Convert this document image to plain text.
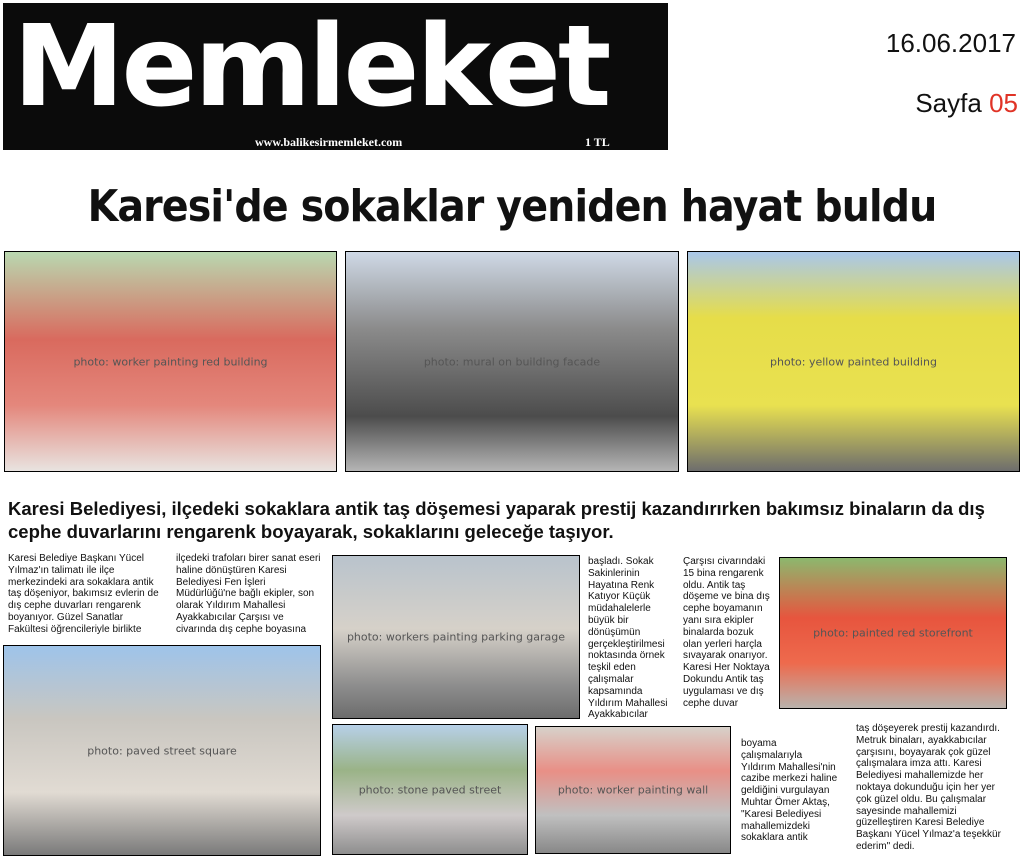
Memleket
www.balikesirmemleket.com	1 TL
16.06.2017
Sayfa 05
Karesi'de sokaklar yeniden hayat buldu
photo: worker painting red building	photo: mural on building facade	photo: yellow painted building
Karesi Belediyesi, ilçedeki sokaklara antik taş döşemesi yaparak prestij kazandırırken bakımsız binaların da dış cephe duvarlarını rengarenk boyayarak, sokaklarını geleceğe taşıyor.

Karesi Belediye Başkanı Yücel Yılmaz'ın talimatı ile ilçe merkezindeki ara sokaklara antik taş döşeniyor, bakımsız evlerin de dış cephe duvarları rengarenk boyanıyor. Güzel Sanatlar Fakültesi öğrencileriyle birlikte

ilçedeki trafoları birer sanat eseri haline dönüştüren Karesi Belediyesi Fen İşleri Müdürlüğü'ne bağlı ekipler, son olarak Yıldırım Mahallesi Ayakkabıcılar Çarşısı ve civarında dış cephe boyasına

başladı. Sokak Sakinlerinin Hayatına Renk Katıyor Küçük müdahalelerle büyük bir dönüşümün gerçekleştirilmesi noktasında örnek teşkil eden çalışmalar kapsamında Yıldırım Mahallesi Ayakkabıcılar

Çarşısı civarındaki 15 bina rengarenk oldu. Antik taş döşeme ve bina dış cephe boyamanın yanı sıra ekipler binalarda bozuk olan yerleri harçla sıvayarak onarıyor. Karesi Her Noktaya Dokundu Antik taş uygulaması ve dış cephe duvar

boyama çalışmalarıyla Yıldırım Mahallesi'nin cazibe merkezi haline geldiğini vurgulayan Muhtar Ömer Aktaş, "Karesi Belediyesi mahallemizdeki sokaklara antik

taş döşeyerek prestij kazandırdı. Metruk binaları, ayakkabıcılar çarşısını, boyayarak çok güzel çalışmalara imza attı. Karesi Belediyesi mahallemizde her noktaya dokunduğu için her yer çok güzel oldu. Bu çalışmalar sayesinde mahallemizi güzelleştiren Karesi Belediye Başkanı Yücel Yılmaz'a teşekkür ederim" dedi.

photo: workers painting parking garage	photo: painted red storefront
photo: paved street square
photo: stone paved street	photo: worker painting wall
